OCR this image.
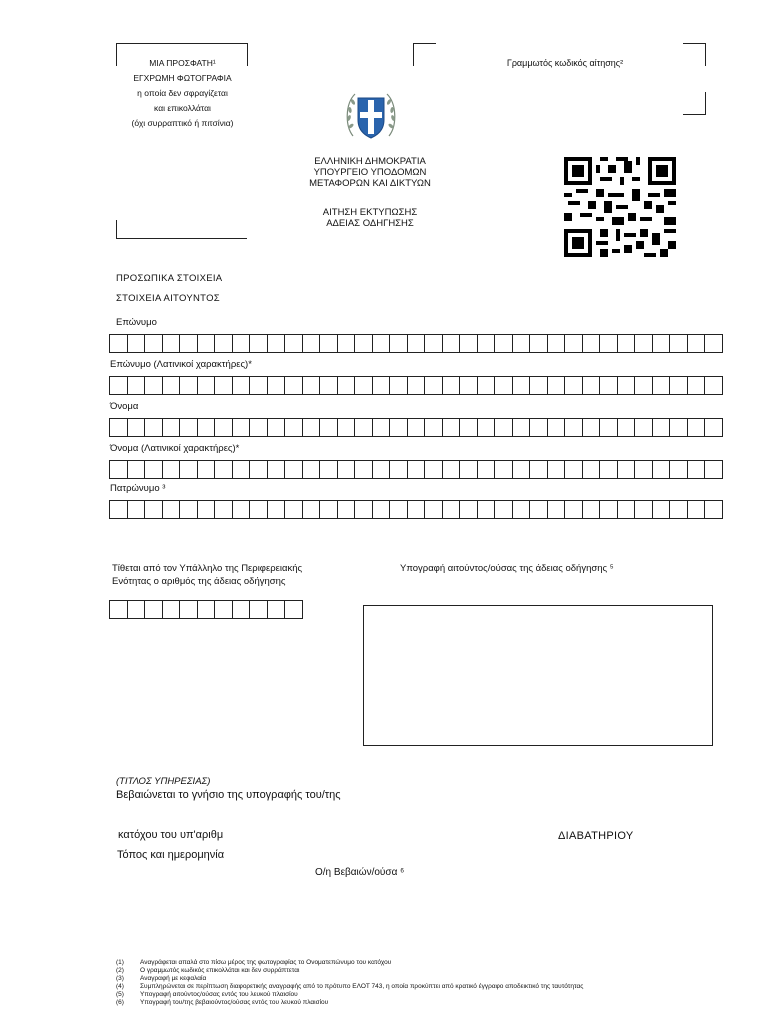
ΜΙΑ ΠΡΟΣΦΑΤΗ¹
ΕΓΧΡΩΜΗ ΦΩΤΟΓΡΑΦΙΑ
η οποία δεν σφραγίζεται
και επικολλάται
(όχι συρραπτικό ή πιτσίνια)
Γραμμωτός κωδικός αίτησης²
ΕΛΛΗΝΙΚΗ ΔΗΜΟΚΡΑΤΙΑ
ΥΠΟΥΡΓΕΙΟ ΥΠΟΔΟΜΩΝ
ΜΕΤΑΦΟΡΩΝ ΚΑΙ ΔΙΚΤΥΩΝ
ΑΙΤΗΣΗ ΕΚΤΥΠΩΣΗΣ
ΑΔΕΙΑΣ ΟΔΗΓΗΣΗΣ
ΠΡΟΣΩΠΙΚΑ ΣΤΟΙΧΕΙΑ
ΣΤΟΙΧΕΙΑ ΑΙΤΟΥΝΤΟΣ
Επώνυμο
Επώνυμο (Λατινικοί χαρακτήρες)*
Όνομα
Όνομα (Λατινικοί χαρακτήρες)*
Πατρώνυμο ³
Τίθεται από τον Υπάλληλο της Περιφερειακής
Ενότητας ο αριθμός της άδειας οδήγησης
Υπογραφή αιτούντος/ούσας της άδειας οδήγησης ⁵
(ΤΙΤΛΟΣ ΥΠΗΡΕΣΙΑΣ)
Βεβαιώνεται το γνήσιο της υπογραφής του/της
κατόχου του υπ'αριθμ	ΔΙΑΒΑΤΗΡΙΟΥ
Τόπος και ημερομηνία
Ο/η Βεβαιών/ούσα ⁶
(1) Αναγράφεται απαλά στο πίσω μέρος της φωτογραφίας το Ονοματεπώνυμο του κατόχου
(2) Ο γραμμωτός κωδικός επικολλάται και δεν συρράπτεται
(3) Αναγραφή με κεφαλαία
(4) Συμπληρώνεται σε περίπτωση διαφορετικής αναγραφής από το πρότυπο ΕΛΟΤ 743, η οποία προκύπτει από κρατικό έγγραφο αποδεικτικό της ταυτότητας
(5) Υπογραφή αιτούντος/ούσας εντός του λευκού πλαισίου
(6) Υπογραφή του/της βεβαιούντος/ούσας εντός του λευκού πλαισίου
